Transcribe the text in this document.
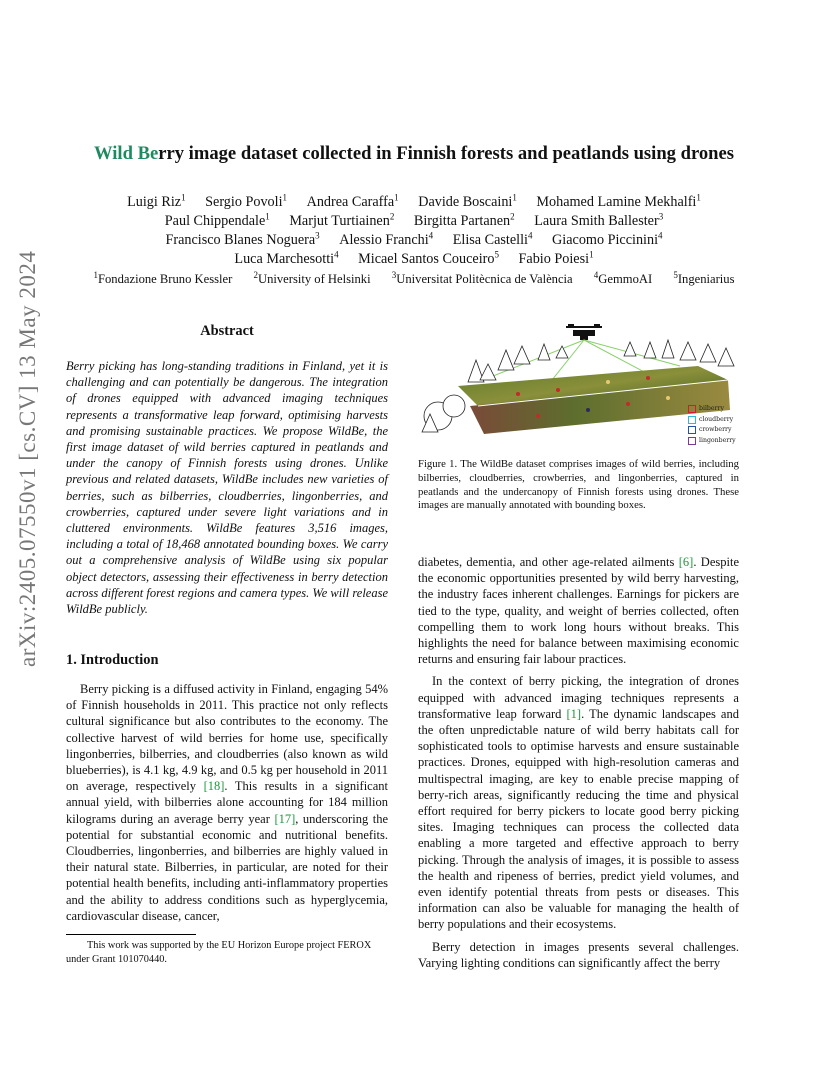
arXiv:2405.07550v1 [cs.CV] 13 May 2024
Wild Berry image dataset collected in Finnish forests and peatlands using drones
Luigi Riz$^1$ Sergio Povoli$^1$ Andrea Caraffa$^1$ Davide Boscaini$^1$ Mohamed Lamine Mekhalfi$^1$
Paul Chippendale$^1$ Marjut Turtiainen$^2$ Birgitta Partanen$^2$ Laura Smith Ballester$^3$
Francisco Blanes Noguera$^3$ Alessio Franchi$^4$ Elisa Castelli$^4$ Giacomo Piccinini$^4$
Luca Marchesotti$^4$ Micael Santos Couceiro$^5$ Fabio Poiesi$^1$
$^1$Fondazione Bruno Kessler $^2$University of Helsinki $^3$Universitat Politècnica de València $^4$GemmoAI $^5$Ingeniarius
Abstract
Berry picking has long-standing traditions in Finland, yet it is challenging and can potentially be dangerous. The integration of drones equipped with advanced imaging techniques represents a transformative leap forward, optimising harvests and promising sustainable practices. We propose WildBe, the first image dataset of wild berries captured in peatlands and under the canopy of Finnish forests using drones. Unlike previous and related datasets, WildBe includes new varieties of berries, such as bilberries, cloudberries, lingonberries, and crowberries, captured under severe light variations and in cluttered environments. WildBe features 3,516 images, including a total of 18,468 annotated bounding boxes. We carry out a comprehensive analysis of WildBe using six popular object detectors, assessing their effectiveness in berry detection across different forest regions and camera types. We will release WildBe publicly.
1. Introduction

Berry picking is a diffused activity in Finland, engaging 54% of Finnish households in 2011. This practice not only reflects cultural significance but also contributes to the economy. The collective harvest of wild berries for home use, specifically lingonberries, bilberries, and cloudberries (also known as wild blueberries), is 4.1 kg, 4.9 kg, and 0.5 kg per household in 2011 on average, respectively [18]. This results in a significant annual yield, with bilberries alone accounting for 184 million kilograms during an average berry year [17], underscoring the potential for substantial economic and nutritional benefits. Cloudberries, lingonberries, and bilberries are highly valued in their natural state. Bilberries, in particular, are noted for their potential health benefits, including anti-inflammatory properties and the ability to address conditions such as hyperglycemia, cardiovascular disease, cancer,

This work was supported by the EU Horizon Europe project FEROX under Grant 101070440.
bilberry
cloudberry
crowberry
lingonberry
Figure 1. The WildBe dataset comprises images of wild berries, including bilberries, cloudberries, crowberries, and lingonberries, captured in peatlands and the undercanopy of Finnish forests using drones. These images are manually annotated with bounding boxes.

diabetes, dementia, and other age-related ailments [6]. Despite the economic opportunities presented by wild berry harvesting, the industry faces inherent challenges. Earnings for pickers are tied to the type, quality, and weight of berries collected, often compelling them to work long hours without breaks. This highlights the need for balance between maximising economic returns and ensuring fair labour practices.

In the context of berry picking, the integration of drones equipped with advanced imaging techniques represents a transformative leap forward [1]. The dynamic landscapes and the often unpredictable nature of wild berry habitats call for sophisticated tools to optimise harvests and ensure sustainable practices. Drones, equipped with high-resolution cameras and multispectral imaging, are key to enable precise mapping of berry-rich areas, significantly reducing the time and physical effort required for berry pickers to locate good berry picking sites. Imaging techniques can process the collected data enabling a more targeted and effective approach to berry picking. Through the analysis of images, it is possible to assess the health and ripeness of berries, predict yield volumes, and even identify potential threats from pests or diseases. This information can also be valuable for managing the health of berry populations and their ecosystems.

Berry detection in images presents several challenges. Varying lighting conditions can significantly affect the berry
